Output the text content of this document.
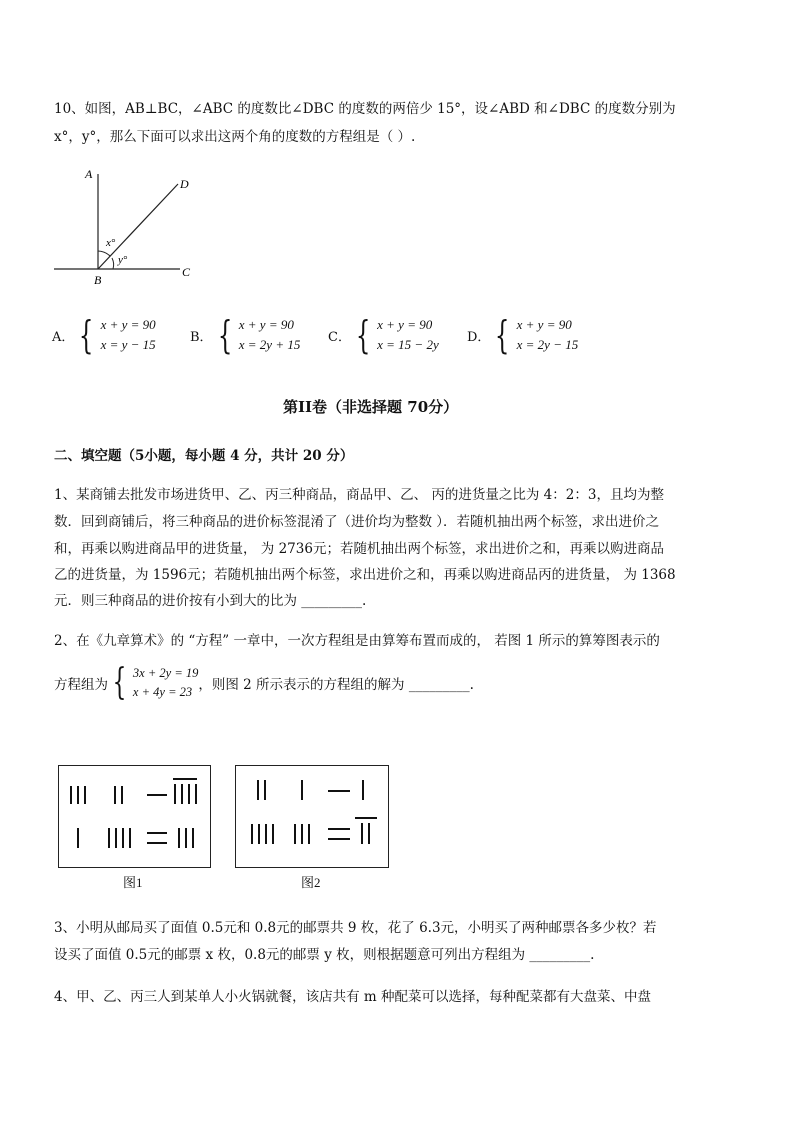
10、如图，AB⊥BC，∠ABC 的度数比∠DBC 的度数的两倍少 15°，设∠ABD 和∠DBC 的度数分别为
x°，y°，那么下面可以求出这两个角的度数的方程组是（ ）.
A
D
B
C
x°
y°
A． { x + y = 90
x = y − 15	B． { x + y = 90
x = 2y + 15 C． { x + y = 90
x = 15 − 2y D． { x + y = 90
x = 2y − 15
第II卷（非选择题 70分）
二、填空题（5小题，每小题 4 分，共计 20 分）
1、某商铺去批发市场进货甲、乙、丙三种商品，商品甲、乙、 丙的进货量之比为 4：2：3，且均为整
数．回到商铺后，将三种商品的进价标签混淆了（进价均为整数 ）．若随机抽出两个标签，求出进价之
和，再乘以购进商品甲的进货量， 为 2736元；若随机抽出两个标签，求出进价之和，再乘以购进商品
乙的进货量，为 1596元；若随机抽出两个标签，求出进价之和，再乘以购进商品丙的进货量， 为 1368
元．则三种商品的进价按有小到大的比为 _________.
2、在《九章算术》的 “方程” 一章中，一次方程组是由算筹布置而成的， 若图 1 所示的算筹图表示的
方程组为 { 3x + 2y = 19
x + 4y = 23 ，则图 2 所示表示的方程组的解为 _________.
图1	图2
3、小明从邮局买了面值 0.5元和 0.8元的邮票共 9 枚，花了 6.3元，小明买了两种邮票各多少枚？若
设买了面值 0.5元的邮票 x 枚，0.8元的邮票 y 枚，则根据题意可列出方程组为 _________.
4、甲、乙、丙三人到某单人小火锅就餐，该店共有 m 种配菜可以选择，每种配菜都有大盘菜、中盘
